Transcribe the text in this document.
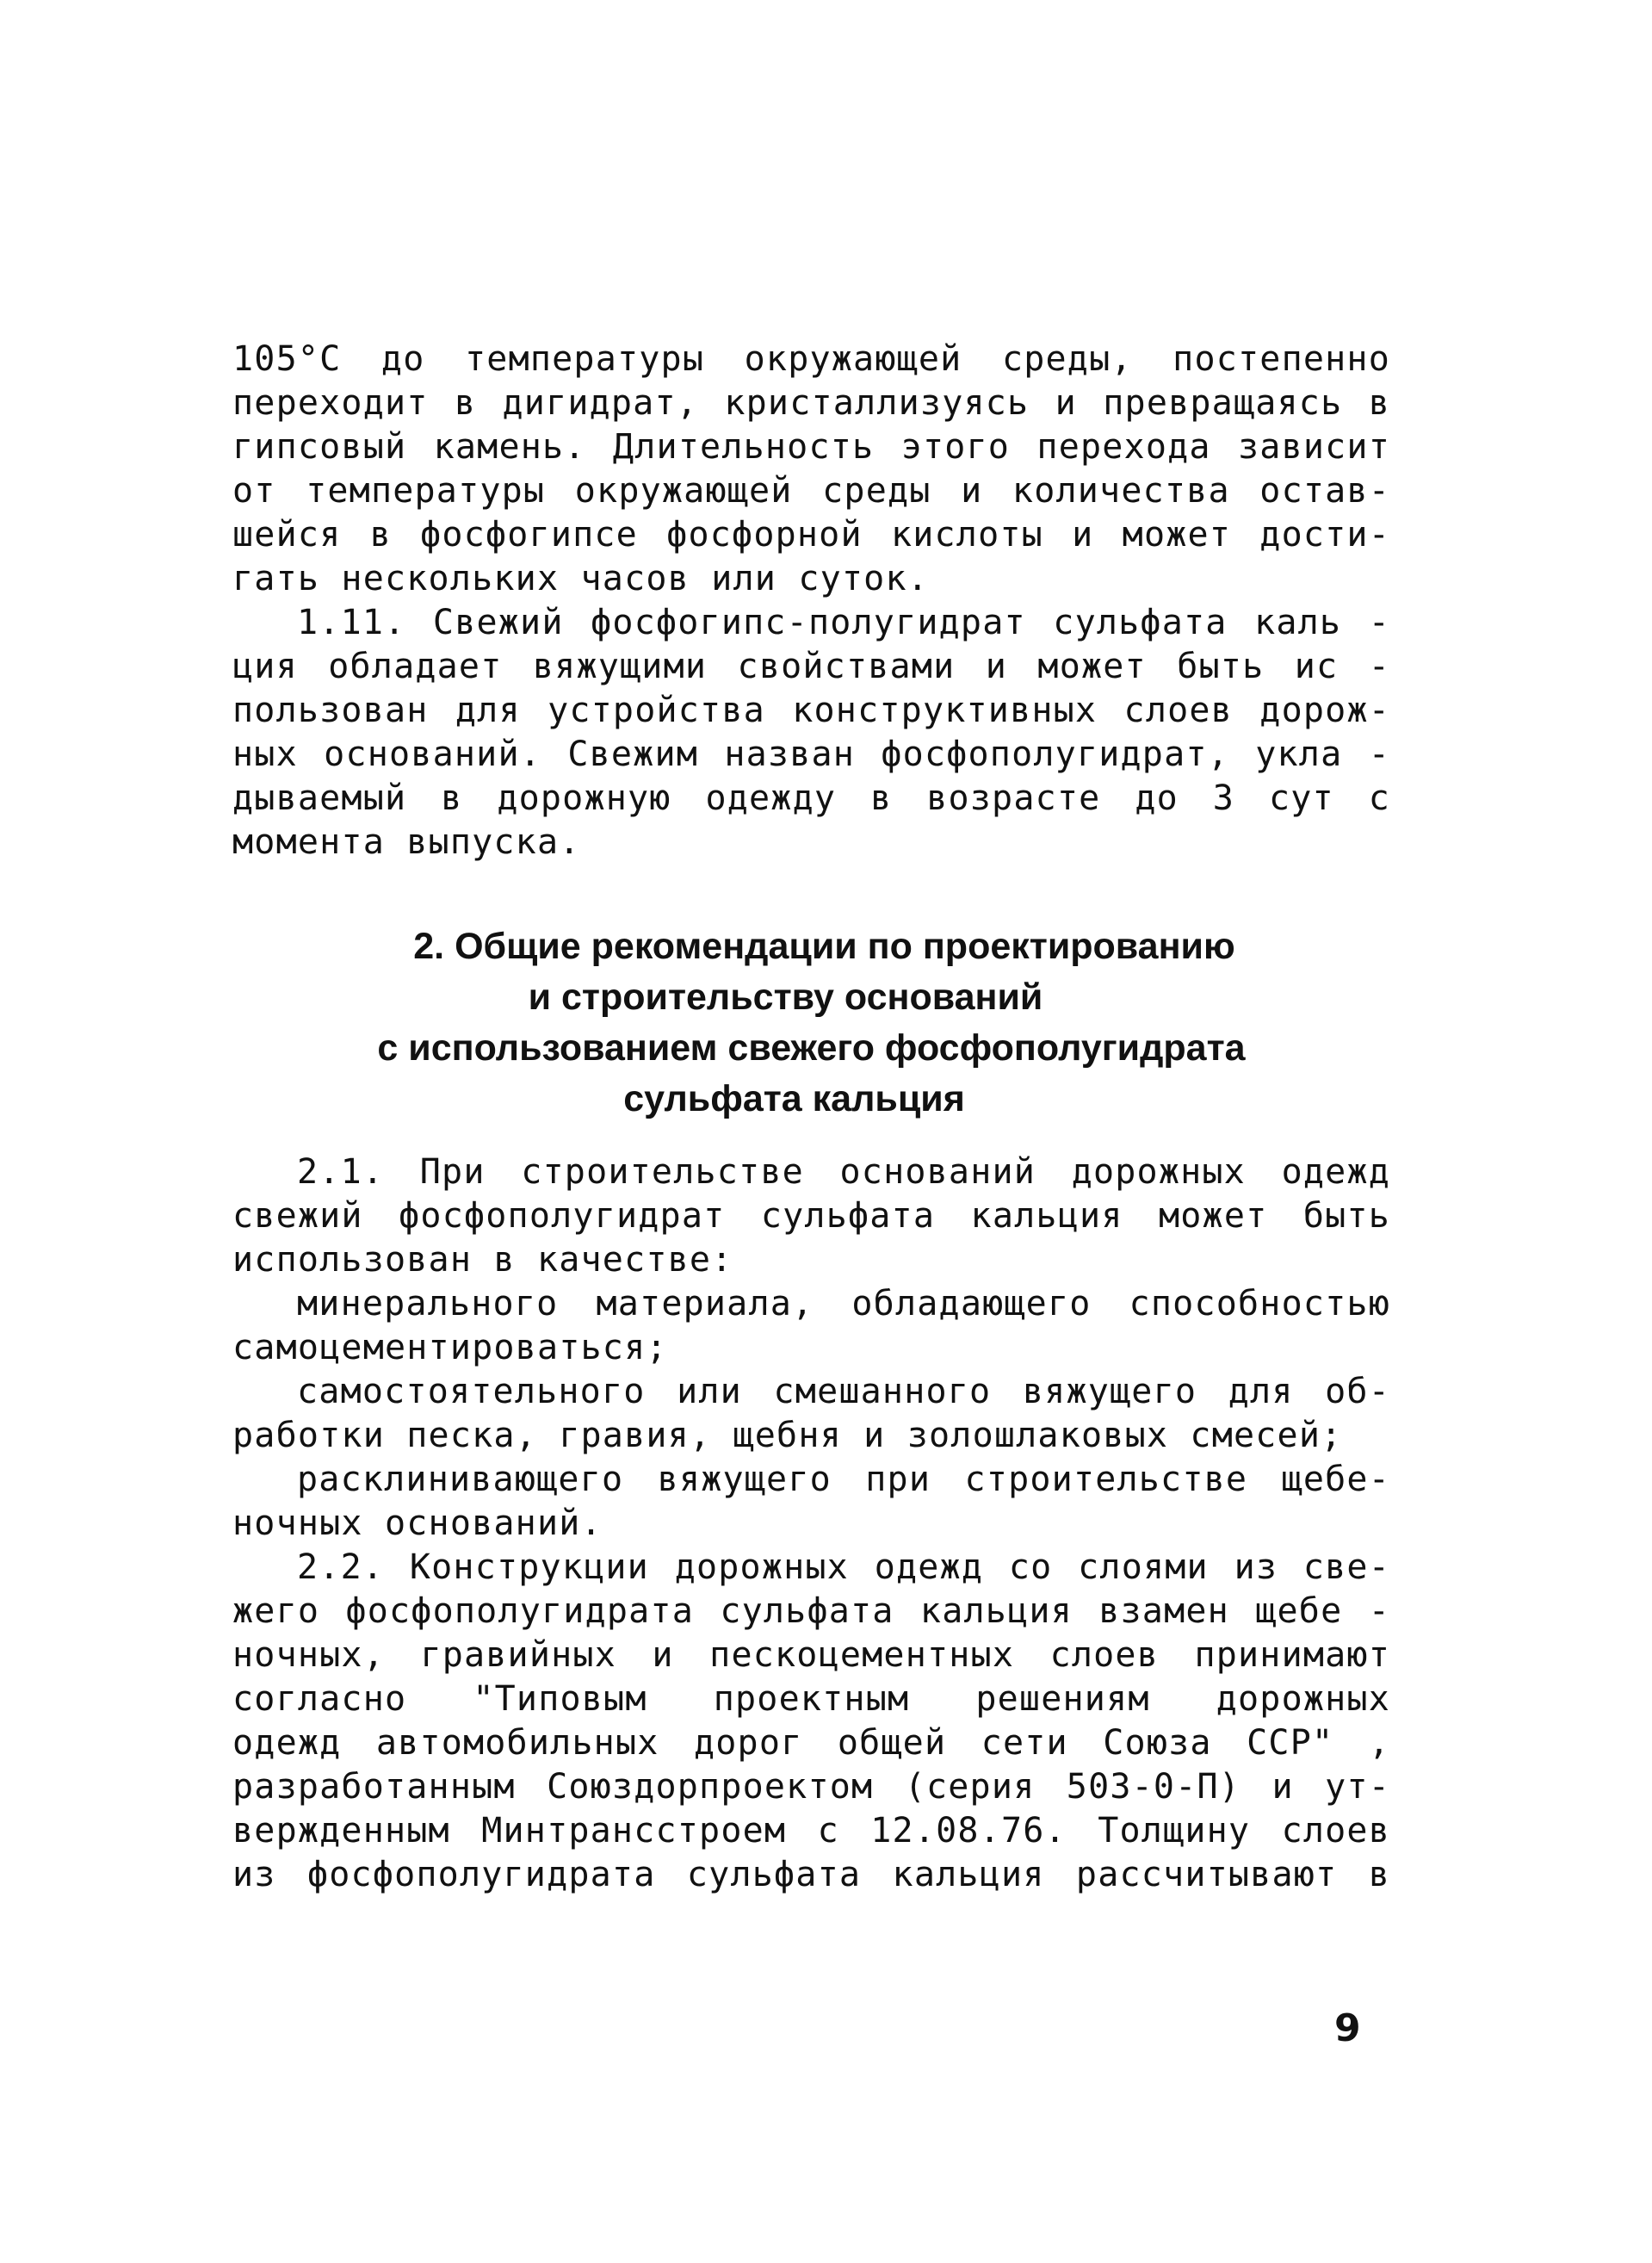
105°С до температуры окружающей среды, постепенно
переходит в дигидрат, кристаллизуясь и превращаясь в
гипсовый камень. Длительность этого перехода зависит
от температуры окружающей среды и количества остав-
шейся в фосфогипсе фосфорной кислоты и может дости-
гать нескольких часов или суток.
1.11. Свежий фосфогипс-полугидрат сульфата каль -
ция обладает вяжущими свойствами и может быть ис -
пользован для устройства конструктивных слоев дорож-
ных оснований. Свежим назван фосфополугидрат, укла -
дываемый в дорожную одежду в возрасте до 3 сут с
момента выпуска.
2. Общие рекомендации по проектированию
и строительству оснований
с использованием свежего фосфополугидрата
сульфата кальция
2.1. При строительстве оснований дорожных одежд
свежий фосфополугидрат сульфата кальция может быть
использован в качестве:
минерального материала, обладающего способностью
самоцементироваться;
самостоятельного или смешанного вяжущего для об-
работки песка, гравия, щебня и золошлаковых смесей;
расклинивающего вяжущего при строительстве щебе-
ночных оснований.
2.2. Конструкции дорожных одежд со слоями из све-
жего фосфополугидрата сульфата кальция взамен щебе -
ночных, гравийных и пескоцементных слоев принимают
согласно "Типовым проектным решениям дорожных
одежд автомобильных дорог общей сети Союза ССР" ,
разработанным Союздорпроектом (серия 503-0-П) и ут-
вержденным Минтрансстроем с 12.08.76. Толщину слоев
из фосфополугидрата сульфата кальция рассчитывают в
9
